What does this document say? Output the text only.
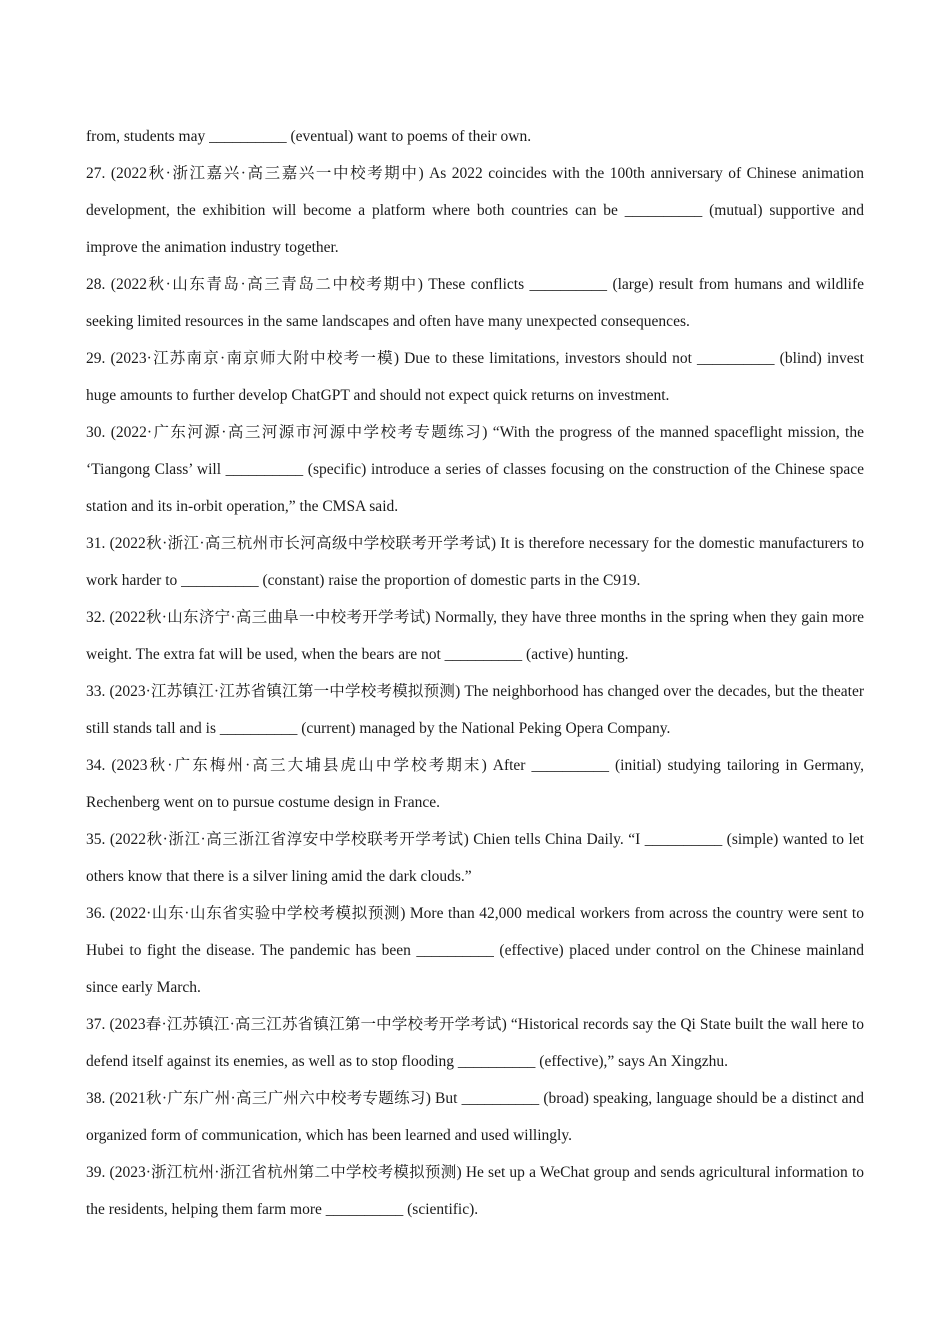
from, students may __________ (eventual) want to poems of their own.

27. (2022秋·浙江嘉兴·高三嘉兴一中校考期中) As 2022 coincides with the 100th anniversary of Chinese animation development, the exhibition will become a platform where both countries can be __________ (mutual) supportive and improve the animation industry together.

28. (2022秋·山东青岛·高三青岛二中校考期中) These conflicts __________ (large) result from humans and wildlife seeking limited resources in the same landscapes and often have many unexpected consequences.

29. (2023·江苏南京·南京师大附中校考一模) Due to these limitations, investors should not __________ (blind) invest huge amounts to further develop ChatGPT and should not expect quick returns on investment.

30. (2022·广东河源·高三河源市河源中学校考专题练习) “With the progress of the manned spaceflight mission, the ‘Tiangong Class’ will __________ (specific) introduce a series of classes focusing on the construction of the Chinese space station and its in-orbit operation,” the CMSA said.

31. (2022秋·浙江·高三杭州市长河高级中学校联考开学考试) It is therefore necessary for the domestic manufacturers to work harder to __________ (constant) raise the proportion of domestic parts in the C919.

32. (2022秋·山东济宁·高三曲阜一中校考开学考试) Normally, they have three months in the spring when they gain more weight. The extra fat will be used, when the bears are not __________ (active) hunting.

33. (2023·江苏镇江·江苏省镇江第一中学校考模拟预测) The neighborhood has changed over the decades, but the theater still stands tall and is __________ (current) managed by the National Peking Opera Company.

34. (2023秋·广东梅州·高三大埔县虎山中学校考期末) After __________ (initial) studying tailoring in Germany, Rechenberg went on to pursue costume design in France.

35. (2022秋·浙江·高三浙江省淳安中学校联考开学考试) Chien tells China Daily. “I __________ (simple) wanted to let others know that there is a silver lining amid the dark clouds.”

36. (2022·山东·山东省实验中学校考模拟预测) More than 42,000 medical workers from across the country were sent to Hubei to fight the disease. The pandemic has been __________ (effective) placed under control on the Chinese mainland since early March.

37. (2023春·江苏镇江·高三江苏省镇江第一中学校考开学考试) “Historical records say the Qi State built the wall here to defend itself against its enemies, as well as to stop flooding __________ (effective),” says An Xingzhu.

38. (2021秋·广东广州·高三广州六中校考专题练习) But __________ (broad) speaking, language should be a distinct and organized form of communication, which has been learned and used willingly.

39. (2023·浙江杭州·浙江省杭州第二中学校考模拟预测) He set up a WeChat group and sends agricultural information to the residents, helping them farm more __________ (scientific).
